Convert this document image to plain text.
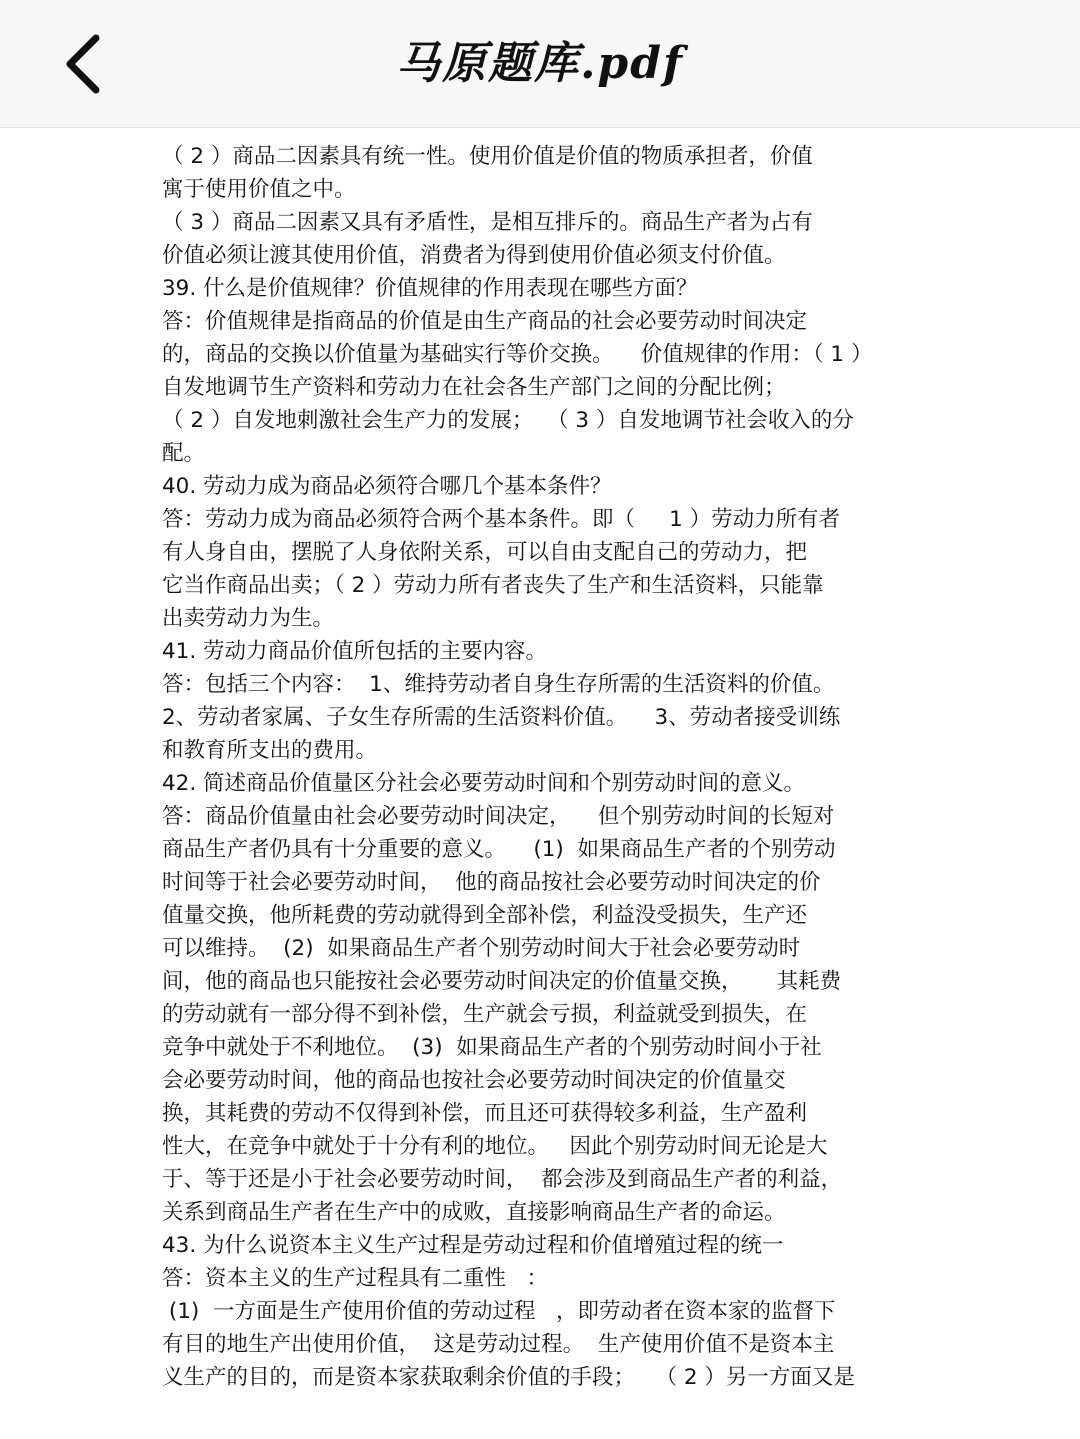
马原题库.pdf
（ 2 ）商品二因素具有统一性。使用价值是价值的物质承担者，价值
寓于使用价值之中。
（ 3 ）商品二因素又具有矛盾性，是相互排斥的。商品生产者为占有
价值必须让渡其使用价值，消费者为得到使用价值必须支付价值。
39. 什么是价值规律？价值规律的作用表现在哪些方面？
答：价值规律是指商品的价值是由生产商品的社会必要劳动时间决定
的，商品的交换以价值量为基础实行等价交换。    价值规律的作用：（ 1 ）
自发地调节生产资料和劳动力在社会各生产部门之间的分配比例；
（ 2 ）自发地刺激社会生产力的发展；  （ 3 ）自发地调节社会收入的分
配。
40. 劳动力成为商品必须符合哪几个基本条件？
答：劳动力成为商品必须符合两个基本条件。即（     1 ）劳动力所有者
有人身自由，摆脱了人身依附关系，可以自由支配自己的劳动力，把
它当作商品出卖；（ 2 ）劳动力所有者丧失了生产和生活资料，只能靠
出卖劳动力为生。
41. 劳动力商品价值所包括的主要内容。
答：包括三个内容：  1、维持劳动者自身生存所需的生活资料的价值。
2、劳动者家属、子女生存所需的生活资料价值。    3、劳动者接受训练
和教育所支出的费用。
42. 简述商品价值量区分社会必要劳动时间和个别劳动时间的意义。
答：商品价值量由社会必要劳动时间决定，    但个别劳动时间的长短对
商品生产者仍具有十分重要的意义。    (1)  如果商品生产者的个别劳动
时间等于社会必要劳动时间，  他的商品按社会必要劳动时间决定的价
值量交换，他所耗费的劳动就得到全部补偿，利益没受损失，生产还
可以维持。  (2)  如果商品生产者个别劳动时间大于社会必要劳动时
间，他的商品也只能按社会必要劳动时间决定的价值量交换，     其耗费
的劳动就有一部分得不到补偿，生产就会亏损，利益就受到损失，在
竞争中就处于不利地位。  (3)  如果商品生产者的个别劳动时间小于社
会必要劳动时间，他的商品也按社会必要劳动时间决定的价值量交
换，其耗费的劳动不仅得到补偿，而且还可获得较多利益，生产盈利
性大，在竞争中就处于十分有利的地位。   因此个别劳动时间无论是大
于、等于还是小于社会必要劳动时间，  都会涉及到商品生产者的利益，
关系到商品生产者在生产中的成败，直接影响商品生产者的命运。
43. 为什么说资本主义生产过程是劳动过程和价值增殖过程的统一
答：资本主义的生产过程具有二重性   ：
(1)  一方面是生产使用价值的劳动过程   ，即劳动者在资本家的监督下
有目的地生产出使用价值，  这是劳动过程。  生产使用价值不是资本主
义生产的目的，而是资本家获取剩余价值的手段；   （ 2 ）另一方面又是
